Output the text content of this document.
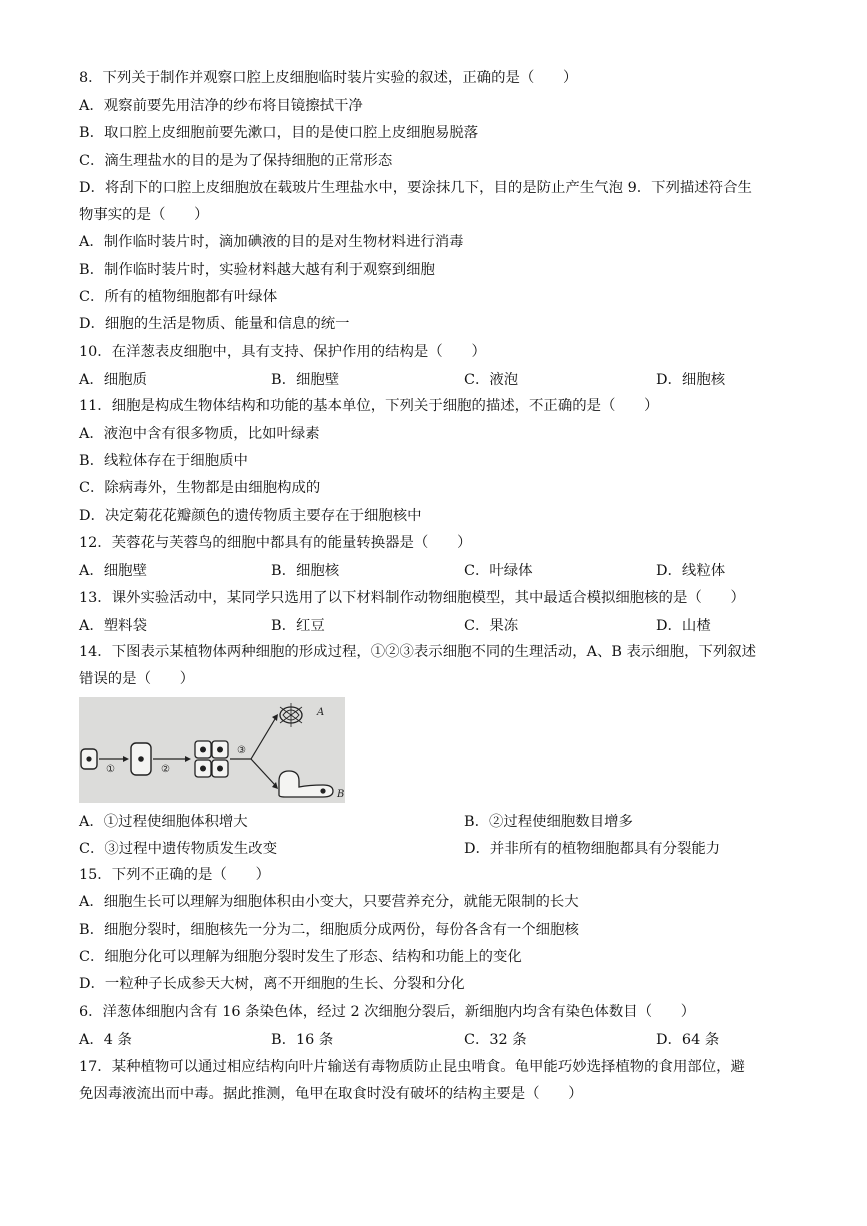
8．下列关于制作并观察口腔上皮细胞临时装片实验的叙述，正确的是（　　）
A．观察前要先用洁净的纱布将目镜擦拭干净
B．取口腔上皮细胞前要先漱口，目的是使口腔上皮细胞易脱落
C．滴生理盐水的目的是为了保持细胞的正常形态
D．将刮下的口腔上皮细胞放在载玻片生理盐水中，要涂抹几下，目的是防止产生气泡 9．下列描述符合生
物事实的是（　　）
A．制作临时装片时，滴加碘液的目的是对生物材料进行消毒
B．制作临时装片时，实验材料越大越有利于观察到细胞
C．所有的植物细胞都有叶绿体
D．细胞的生活是物质、能量和信息的统一
10．在洋葱表皮细胞中，具有支持、保护作用的结构是（　　）
A．细胞质	B．细胞壁	C．液泡	D．细胞核
11．细胞是构成生物体结构和功能的基本单位，下列关于细胞的描述，不正确的是（　　）
A．液泡中含有很多物质，比如叶绿素
B．线粒体存在于细胞质中
C．除病毒外，生物都是由细胞构成的
D．决定菊花花瓣颜色的遗传物质主要存在于细胞核中
12．芙蓉花与芙蓉鸟的细胞中都具有的能量转换器是（　　）
A．细胞壁	B．细胞核	C．叶绿体	D．线粒体
13．课外实验活动中，某同学只选用了以下材料制作动物细胞模型，其中最适合模拟细胞核的是（　　）
A．塑料袋	B．红豆	C．果冻	D．山楂
14．下图表示某植物体两种细胞的形成过程，①②③表示细胞不同的生理活动，A、B 表示细胞，下列叙述
错误的是（　　）
①	②
③
A
B
A．①过程使细胞体积增大	B．②过程使细胞数目增多
C．③过程中遗传物质发生改变	D．并非所有的植物细胞都具有分裂能力
15．下列不正确的是（　　）
A．细胞生长可以理解为细胞体积由小变大，只要营养充分，就能无限制的长大
B．细胞分裂时，细胞核先一分为二，细胞质分成两份，每份各含有一个细胞核
C．细胞分化可以理解为细胞分裂时发生了形态、结构和功能上的变化
D．一粒种子长成参天大树，离不开细胞的生长、分裂和分化
6．洋葱体细胞内含有 16 条染色体，经过 2 次细胞分裂后，新细胞内均含有染色体数目（　　）
A．4 条	B．16 条	C．32 条	D．64 条
17．某种植物可以通过相应结构向叶片输送有毒物质防止昆虫啃食。龟甲能巧妙选择植物的食用部位，避
免因毒液流出而中毒。据此推测，龟甲在取食时没有破坏的结构主要是（　　）
